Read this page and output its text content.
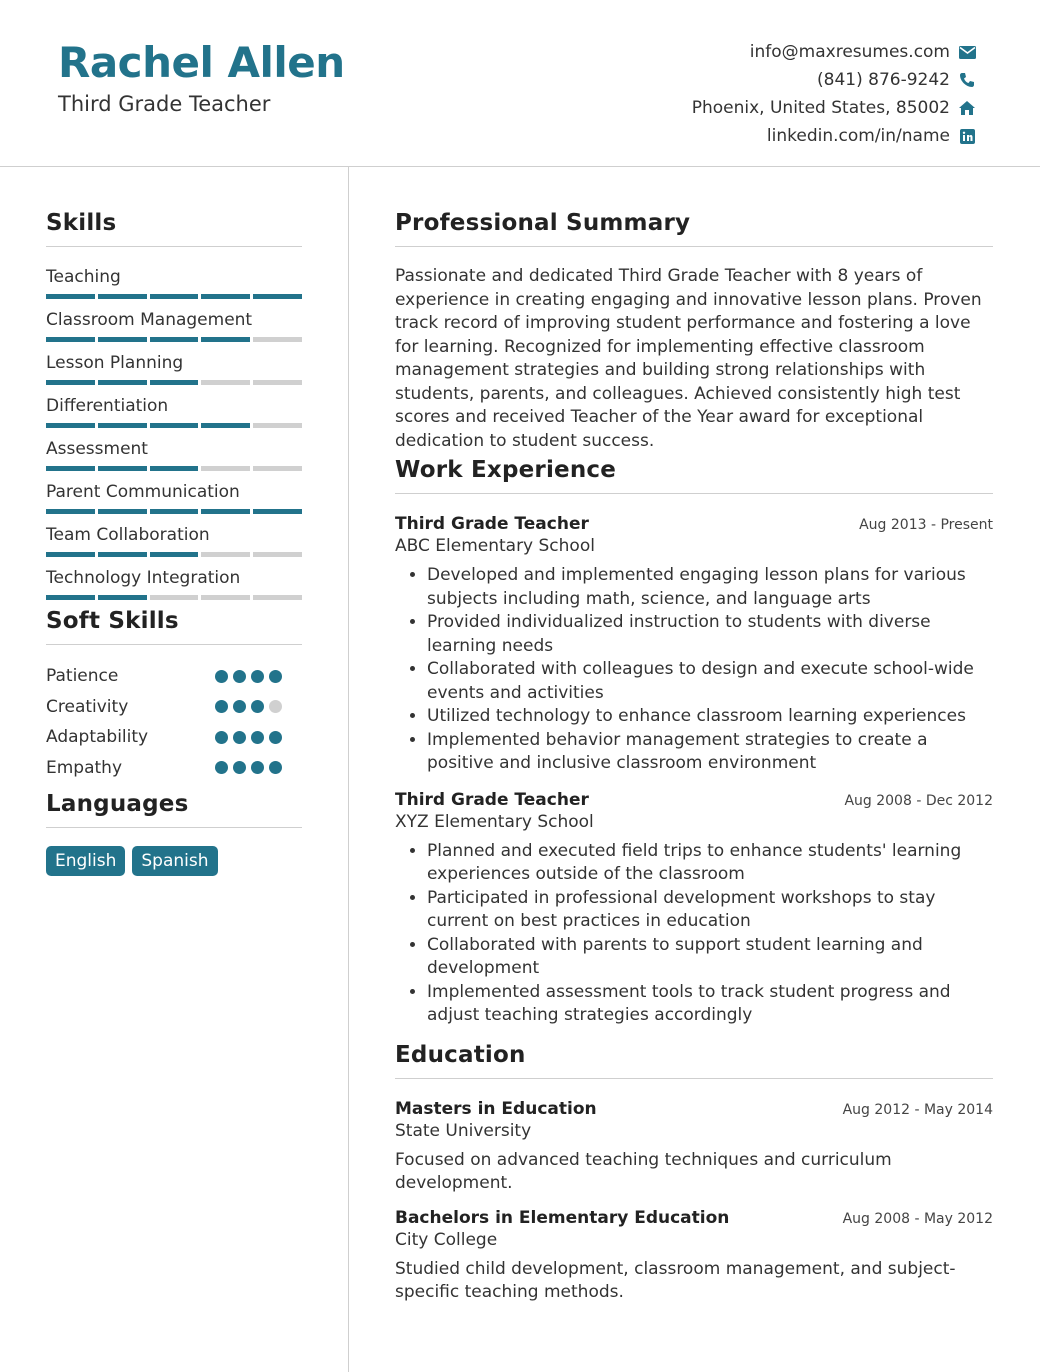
Rachel Allen
Third Grade Teacher
info@maxresumes.com
(841) 876-9242
Phoenix, United States, 85002
linkedin.com/in/name
Skills
Teaching
Classroom Management
Lesson Planning
Differentiation
Assessment
Parent Communication
Team Collaboration
Technology Integration
Soft Skills
Patience
Creativity
Adaptability
Empathy
Languages
English	Spanish
Professional Summary
Passionate and dedicated Third Grade Teacher with 8 years of experience in creating engaging and innovative lesson plans. Proven track record of improving student performance and fostering a love for learning. Recognized for implementing effective classroom management strategies and building strong relationships with students, parents, and colleagues. Achieved consistently high test scores and received Teacher of the Year award for exceptional dedication to student success.
Work Experience
Third Grade Teacher	Aug 2013 - Present
ABC Elementary School
• Developed and implemented engaging lesson plans for various subjects including math, science, and language arts
• Provided individualized instruction to students with diverse learning needs
• Collaborated with colleagues to design and execute school-wide events and activities
• Utilized technology to enhance classroom learning experiences
• Implemented behavior management strategies to create a positive and inclusive classroom environment
Third Grade Teacher	Aug 2008 - Dec 2012
XYZ Elementary School
• Planned and executed field trips to enhance students' learning experiences outside of the classroom
• Participated in professional development workshops to stay current on best practices in education
• Collaborated with parents to support student learning and development
• Implemented assessment tools to track student progress and adjust teaching strategies accordingly
Education
Masters in Education	Aug 2012 - May 2014
State University
Focused on advanced teaching techniques and curriculum development.
Bachelors in Elementary Education	Aug 2008 - May 2012
City College
Studied child development, classroom management, and subject-specific teaching methods.
